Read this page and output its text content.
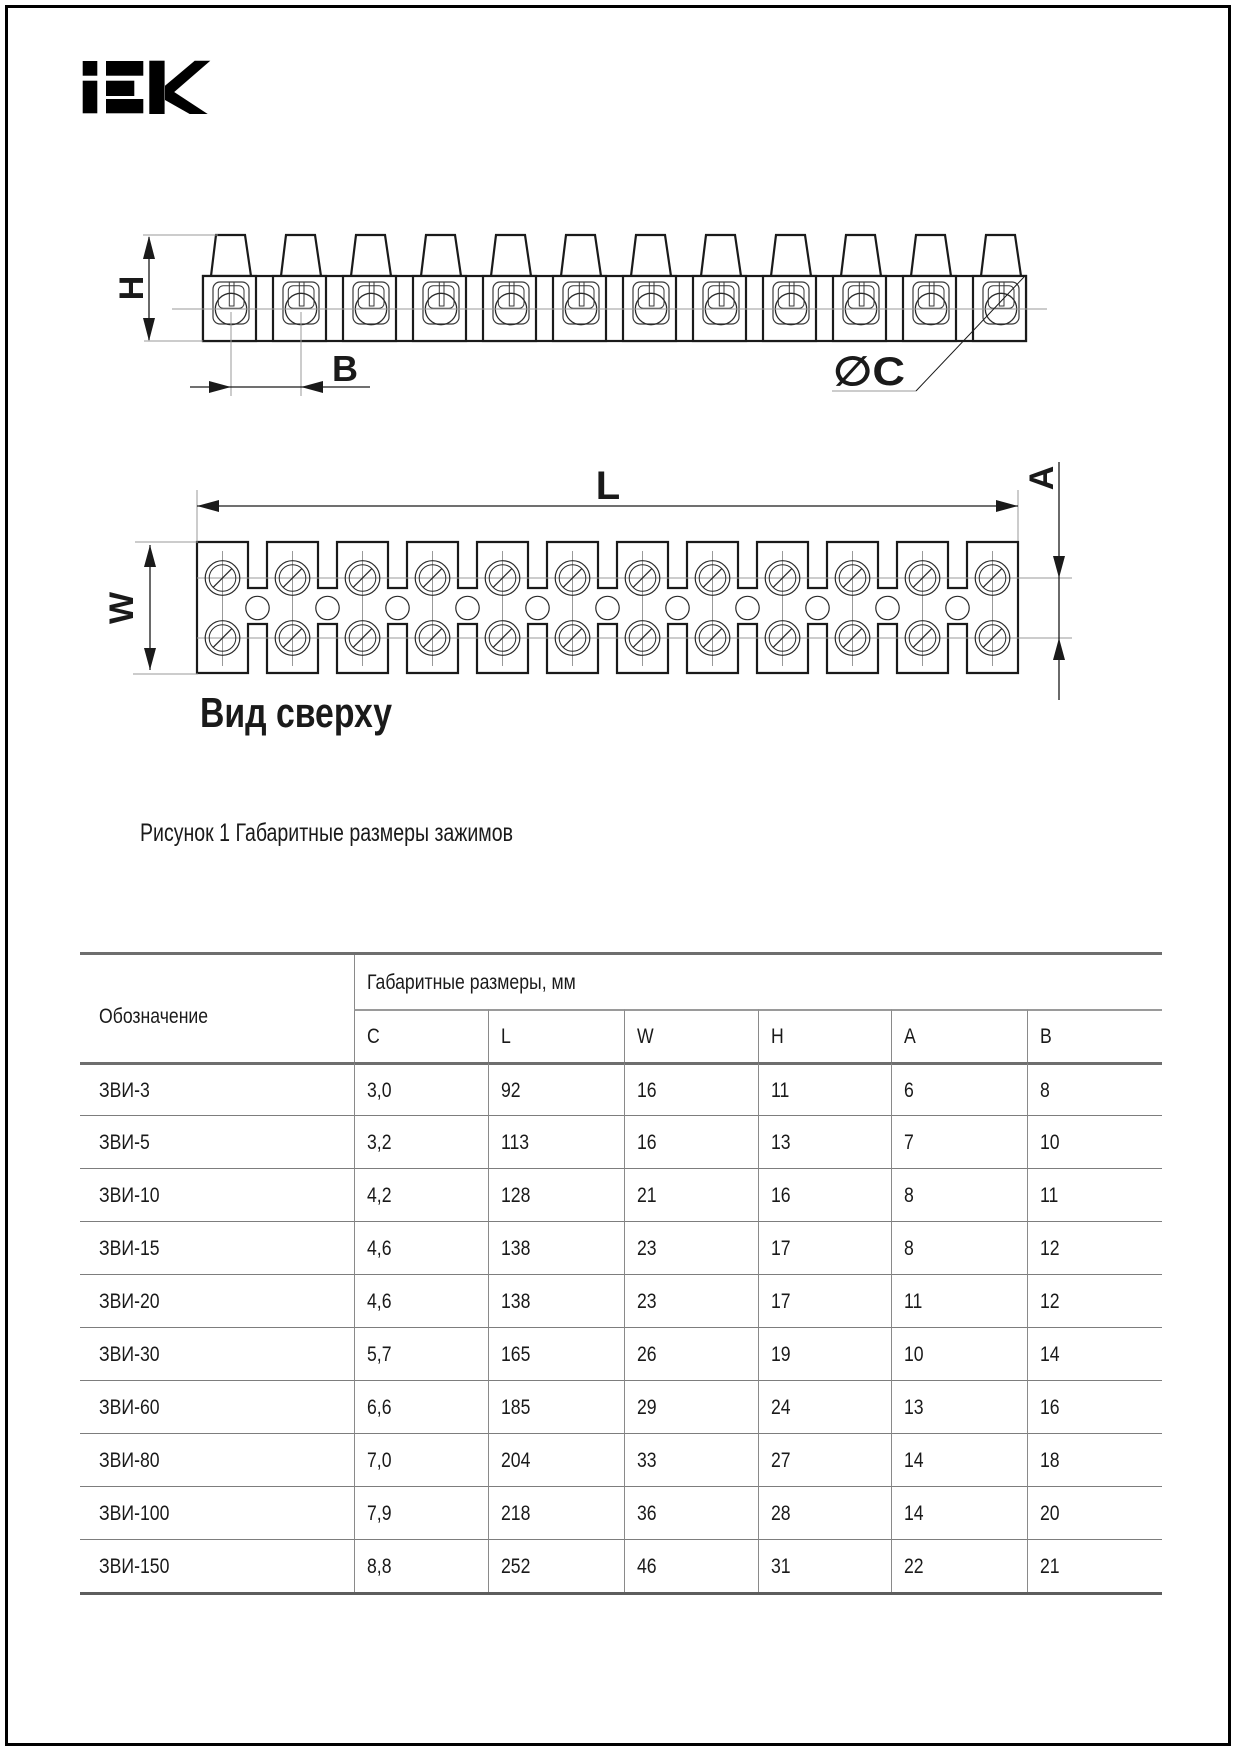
H
B	∅C
L	A
W
Вид сверху
Рисунок 1 Габаритные размеры зажимов
Обозначение
Габаритные размеры, мм
C	L	W	H	A	B
ЗВИ-3	3,0	92	16	11	6	8
ЗВИ-5	3,2	113	16	13	7	10
ЗВИ-10	4,2	128	21	16	8	11
ЗВИ-15	4,6	138	23	17	8	12
ЗВИ-20	4,6	138	23	17	11	12
ЗВИ-30	5,7	165	26	19	10	14
ЗВИ-60	6,6	185	29	24	13	16
ЗВИ-80	7,0	204	33	27	14	18
ЗВИ-100	7,9	218	36	28	14	20
ЗВИ-150	8,8	252	46	31	22	21
